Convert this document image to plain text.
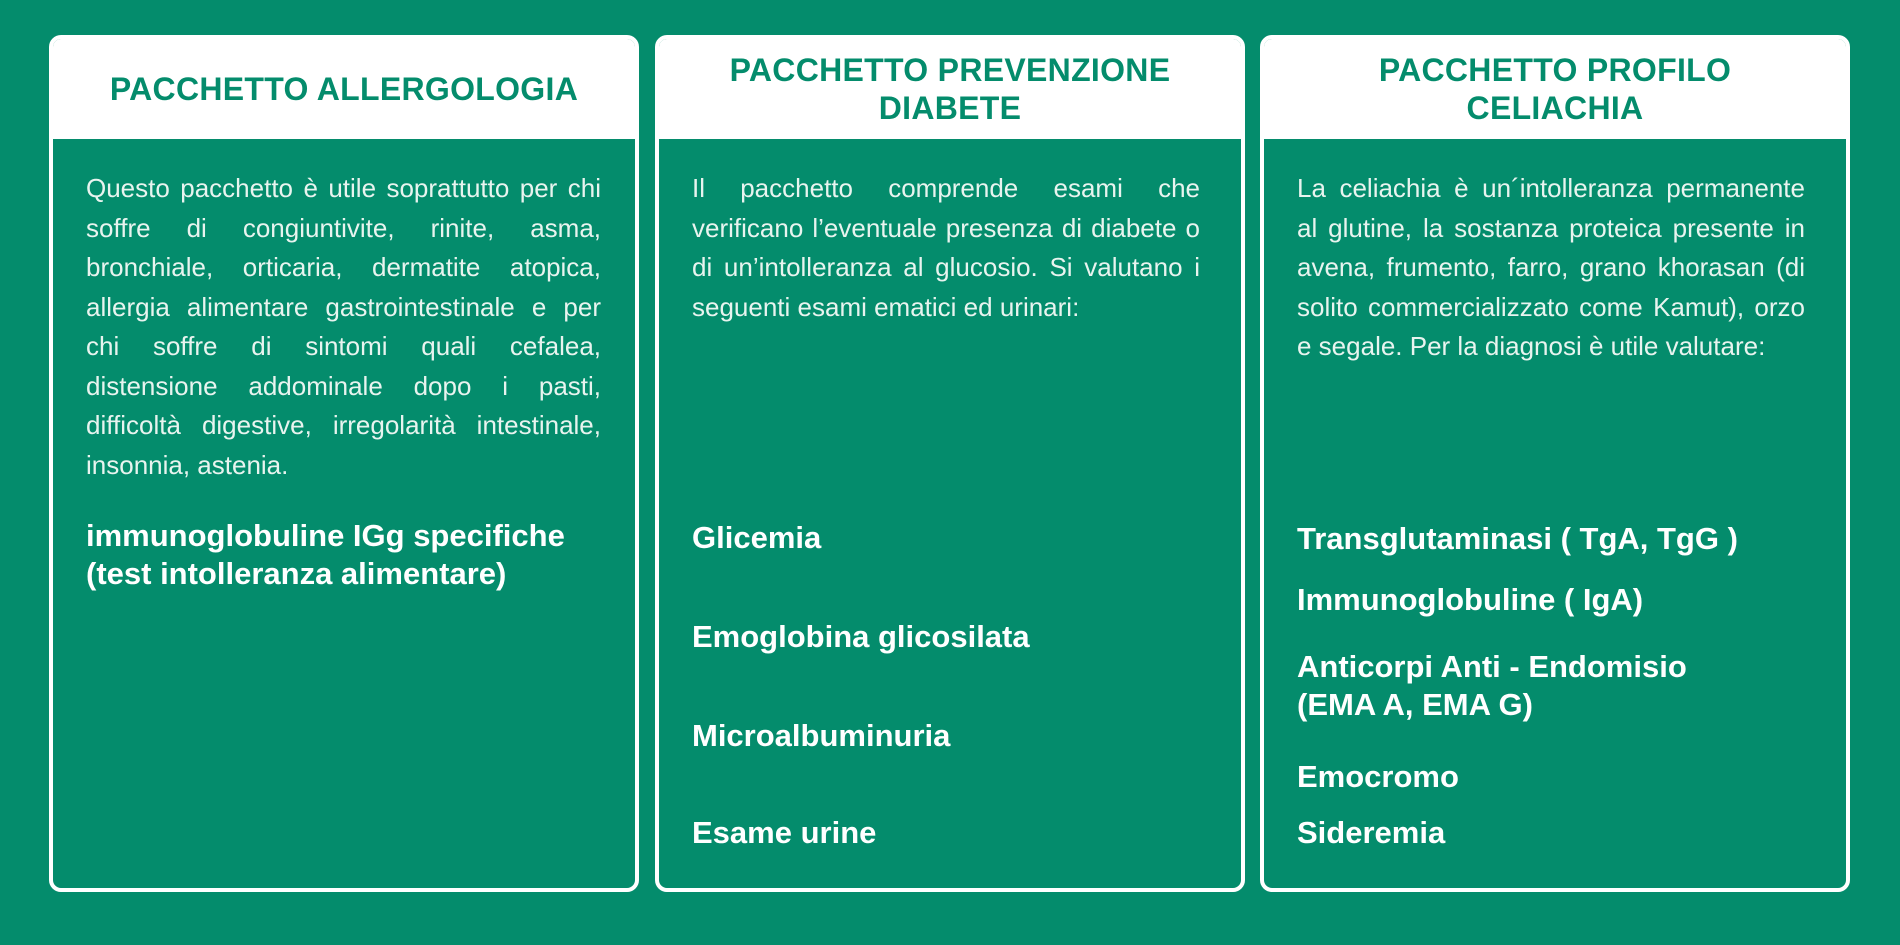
PACCHETTO ALLERGOLOGIA

Questo pacchetto è utile soprattutto per chi soffre di congiuntivite, rinite, asma, bronchiale, orticaria, dermatite atopica, allergia alimentare gastrointestinale e per chi soffre di sintomi quali cefalea, distensione addominale dopo i pasti, difficoltà digestive, irregolarità intestinale, insonnia, astenia.

immunoglobuline IGg specifiche (test intolleranza alimentare)

PACCHETTO PREVENZIONE DIABETE

Il pacchetto comprende esami che verificano l’eventuale presenza di diabete o di un’intolleranza al glucosio. Si valutano i seguenti esami ematici ed urinari:

Glicemia

Emoglobina glicosilata

Microalbuminuria

Esame urine

PACCHETTO PROFILO CELIACHIA

La celiachia è un´intolleranza permanente al glutine, la sostanza proteica presente in avena, frumento, farro, grano khorasan (di solito commercializzato come Kamut), orzo e segale. Per la diagnosi è utile valutare:

Transglutaminasi ( TgA, TgG )

Immunoglobuline ( IgA)

Anticorpi Anti - Endomisio (EMA A, EMA G)

Emocromo

Sideremia
